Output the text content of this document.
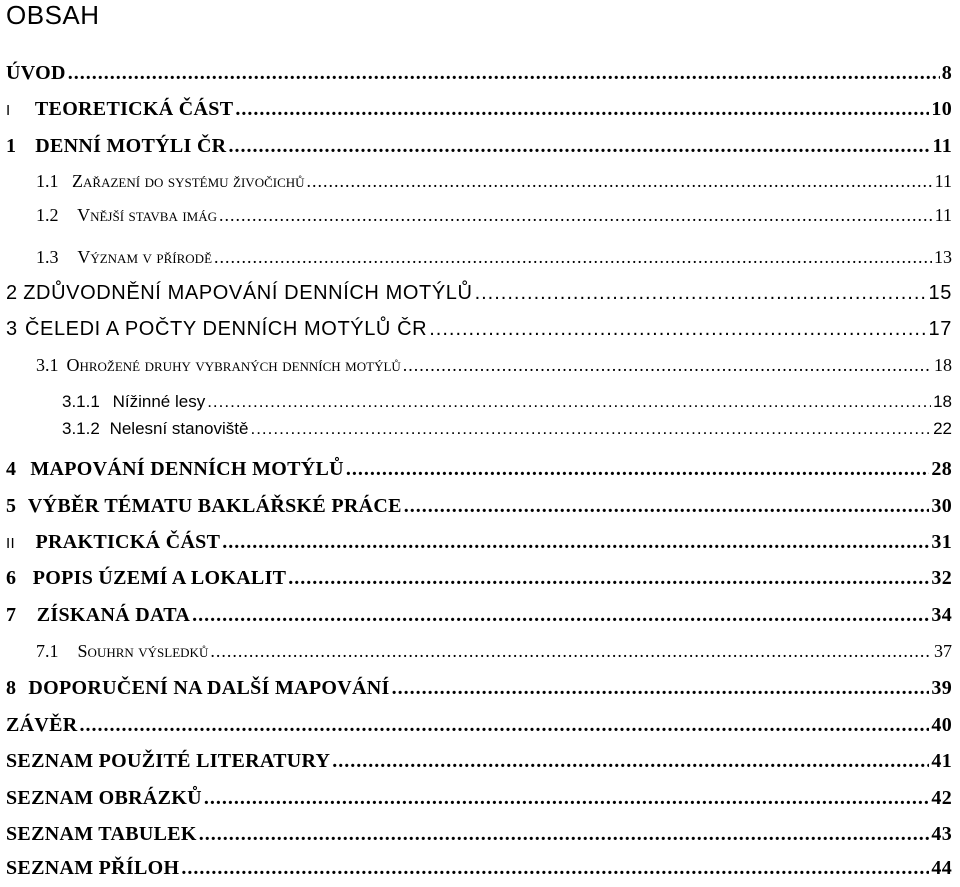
OBSAH
ÚVOD .....	8
I	TEORETICKÁ ČÁST .....	10
1 DENNÍ MOTÝLI ČR .....	11
1.1 Zařazení do systému živočichů .....	11
1.2	Vnější stavba imág .....	11
1.3	Význam v přírodě .....	13
2 ZDŮVODNĚNÍ MAPOVÁNÍ DENNÍCH MOTÝLŮ .....	15
3 ČELEDI A POČTY DENNÍCH MOTÝLŮ ČR .....	17
3.1 Ohrožené druhy vybraných denních motýlů .....	18
3.1.1 Nížinné lesy .....	18
3.1.2 Nelesní stanoviště .....	22
4 MAPOVÁNÍ DENNÍCH MOTÝLŮ .....	28
5 VÝBĚR TÉMATU BAKLÁŘSKÉ PRÁCE .....	30
II	PRAKTICKÁ ČÁST .....	31
6 POPIS ÚZEMÍ A LOKALIT .....	32
7	ZÍSKANÁ DATA .....	34
7.1	Souhrn výsledků .....	37
8 DOPORUČENÍ NA DALŠÍ MAPOVÁNÍ .....	39
ZÁVĚR .....	40
SEZNAM POUŽITÉ LITERATURY .....	41
SEZNAM OBRÁZKŮ .....	42
SEZNAM TABULEK .....	43
SEZNAM PŘÍLOH .....	44
